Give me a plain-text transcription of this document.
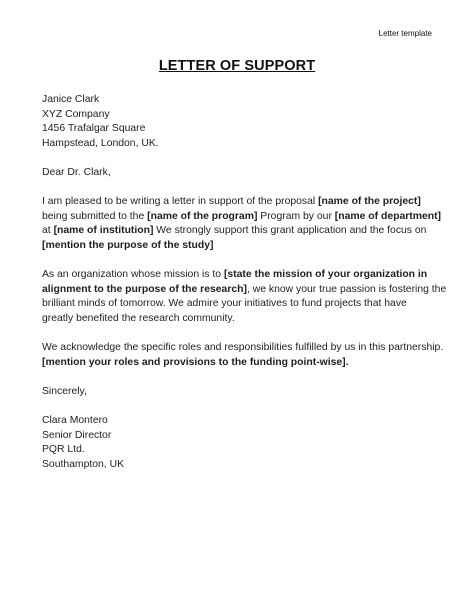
Letter template
LETTER OF SUPPORT
Janice Clark
XYZ Company
1456 Trafalgar Square
Hampstead, London, UK.
Dear Dr. Clark,
I am pleased to be writing a letter in support of the proposal [name of the project]
being submitted to the [name of the program] Program by our [name of department]
at [name of institution] We strongly support this grant application and the focus on
[mention the purpose of the study]
As an organization whose mission is to [state the mission of your organization in
alignment to the purpose of the research], we know your true passion is fostering the
brilliant minds of tomorrow. We admire your initiatives to fund projects that have
greatly benefited the research community.
We acknowledge the specific roles and responsibilities fulfilled by us in this partnership.
[mention your roles and provisions to the funding point-wise].
Sincerely,
Clara Montero
Senior Director
PQR Ltd.
Southampton, UK
